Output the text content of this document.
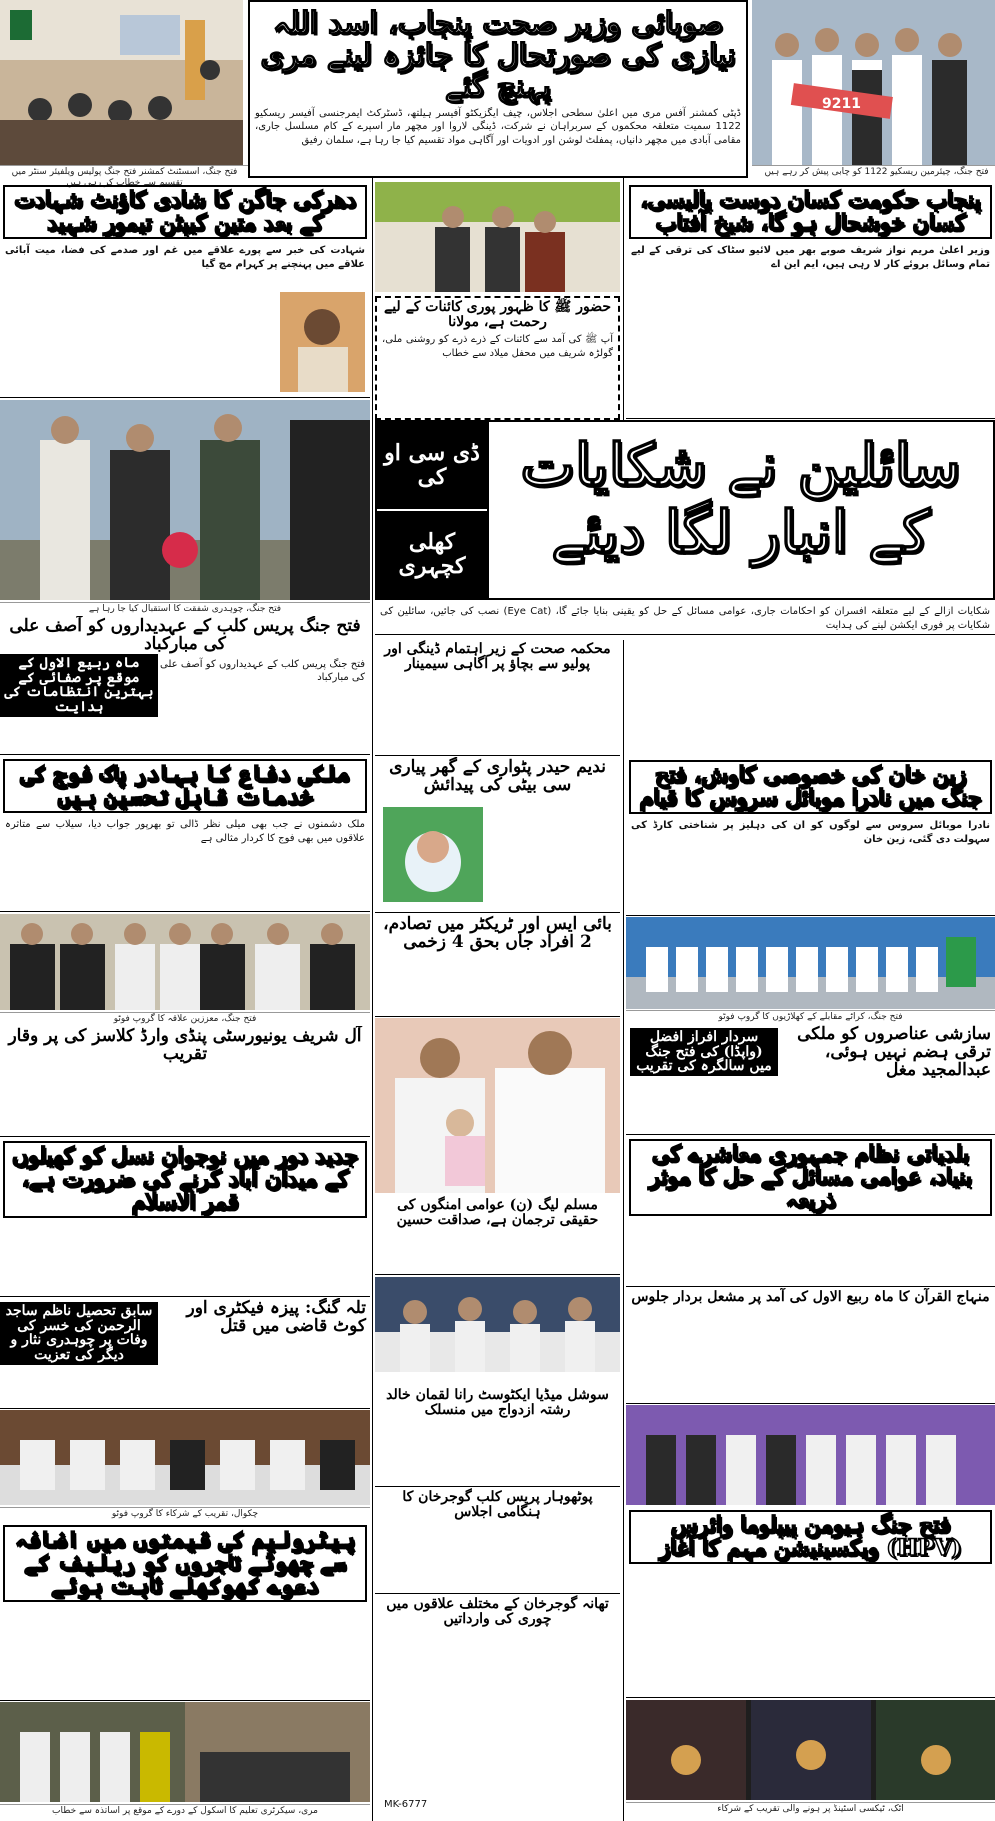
فتح جنگ، اسسٹنٹ کمشنر فتح جنگ پولیس ویلفیئر سنٹر میں تقسیم سے خطاب کر رہی ہیں
صوبائی وزیر صحت پنجاب، اسد اللہ نیازی کی صورتحال کا جائزہ لینے مری پہنچ گئے
ڈپٹی کمشنر آفس مری میں اعلیٰ سطحی اجلاس، چیف ایگزیکٹو آفیسر ہیلتھ، ڈسٹرکٹ ایمرجنسی آفیسر ریسکیو 1122 سمیت متعلقہ محکموں کے سربراہان نے شرکت، ڈینگی لاروا اور مچھر مار اسپرے کے کام مسلسل جاری، مقامی آبادی میں مچھر دانیاں، پمفلٹ لوشن اور ادویات اور آگاہی مواد تقسیم کیا جا رہا ہے، سلمان رفیق
9211
فتح جنگ، چیئرمین ریسکیو 1122 کو چابی پیش کر رہے ہیں
دھرکی جاگن کا شادی کاؤنٹ شہادت کے بعد متین کیپٹن تیمور شہید
شہادت کی خبر سے پورے علاقے میں غم اور صدمے کی فضا، میت آبائی علاقے میں پہنچنے پر کہرام مچ گیا
فتح جنگ، چوہدری شفقت کا استقبال کیا جا رہا ہے
فتح جنگ پریس کلب کے عہدیداروں کو آصف علی کی مبارکباد
ماہ ربیع الاول کے موقع پر صفائی کے بہترین انتظامات کی ہدایت
فتح جنگ پریس کلب کے عہدیداروں کو آصف علی کی مبارکباد
ملکی دفاع کا بہادر پاک فوج کی خدمات قابل تحسین ہیں
ملک دشمنوں نے جب بھی میلی نظر ڈالی تو بھرپور جواب دیا، سیلاب سے متاثرہ علاقوں میں بھی فوج کا کردار مثالی ہے
فتح جنگ، معززین علاقہ کا گروپ فوٹو
آل شریف یونیورسٹی پنڈی وارڈ کلاسز کی پر وقار تقریب
جدید دور میں نوجوان نسل کو کھیلوں کے میدان آباد کرنے کی ضرورت ہے، قمر الاسلام
تلہ گنگ: پیزہ فیکٹری اور کوٹ قاضی میں قتل
سابق تحصیل ناظم ساجد الرحمن کی خسر کی وفات پر چوہدری نثار و دیگر کی تعزیت
چکوال، تقریب کے شرکاء کا گروپ فوٹو
پیٹرولیم کی قیمتوں میں اضافہ سے چھوٹے تاجروں کو ریلیف کے دعوے کھوکھلے ثابت ہوئے
مری، سیکرٹری تعلیم کا اسکول کے دورے کے موقع پر اساتذہ سے خطاب
حضور ﷺ کا ظہور پوری کائنات کے لیے رحمت ہے، مولانا
آپ ﷺ کی آمد سے کائنات کے ذرے ذرے کو روشنی ملی، گولڑہ شریف میں محفل میلاد سے خطاب
ڈی سی او کی
کھلی کچہری
سائلین نے شکایات کے انبار لگا دیئے
شکایات ازالے کے لیے متعلقہ افسران کو احکامات جاری، عوامی مسائل کے حل کو یقینی بنایا جائے گا، (Eye Cat) نصب کی جائیں، سائلین کی شکایات پر فوری ایکشن لینے کی ہدایت
محکمہ صحت کے زیر اہتمام ڈینگی اور پولیو سے بچاؤ پر آگاہی سیمینار
ندیم حیدر پٹواری کے گھر پیاری سی بیٹی کی پیدائش
بائی ایس اور ٹریکٹر میں تصادم، 2 افراد جاں بحق 4 زخمی
مسلم لیگ (ن) عوامی امنگوں کی حقیقی ترجمان ہے، صداقت حسین
سوشل میڈیا ایکٹوسٹ رانا لقمان خالد رشتہ ازدواج میں منسلک
پوٹھوہار پریس کلب گوجرخان کا ہنگامی اجلاس
تھانہ گوجرخان کے مختلف علاقوں میں چوری کی وارداتیں
MK-6777
پنجاب حکومت کسان دوست پالیسی، کسان خوشحال ہو گا، شیخ آفتاب
وزیر اعلیٰ مریم نواز شریف صوبے بھر میں لائیو سٹاک کی ترقی کے لیے تمام وسائل بروئے کار لا رہی ہیں، ایم این اے
زین خان کی خصوصی کاوش، فتح جنگ میں نادرا موبائل سروس کا قیام
نادرا موبائل سروس سے لوگوں کو ان کی دہلیز پر شناختی کارڈ کی سہولت دی گئی، زین خان
فتح جنگ، کراٹے مقابلے کے کھلاڑیوں کا گروپ فوٹو
سازشی عناصروں کو ملکی ترقی ہضم نہیں ہوئی، عبدالمجید مغل
سردار افراز افضل (واپڈا) کی فتح جنگ میں سالگرہ کی تقریب
بلدیاتی نظام جمہوری معاشرے کی بنیاد، عوامی مسائل کے حل کا موثر ذریعہ
منہاج القرآن کا ماہ ربیع الاول کی آمد پر مشعل بردار جلوس
فتح جنگ ہیومن پیپلوما وائرس (HPV) ویکسینیشن مہم کا آغاز
اٹک، ٹیکسی اسٹینڈ پر ہونے والی تقریب کے شرکاء
